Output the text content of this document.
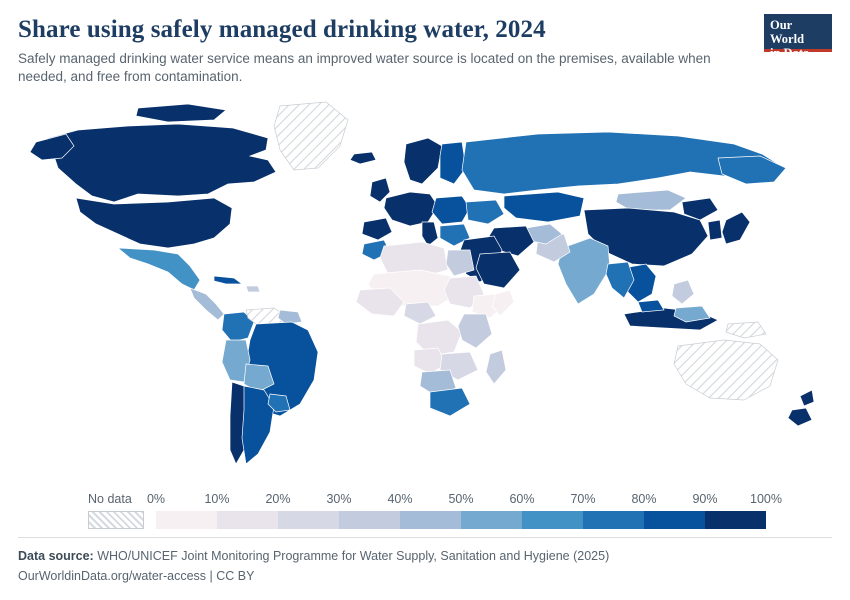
Share using safely managed drinking water, 2024

Safely managed drinking water service means an improved water source is located on the premises, available when needed, and free from contamination.

Our World
in Data
No data 0%	10%	20%	30%	40%	50%	60%	70%	80%	90%	100%
Data source: WHO/UNICEF Joint Monitoring Programme for Water Supply, Sanitation and Hygiene (2025)
OurWorldinData.org/water-access | CC BY
